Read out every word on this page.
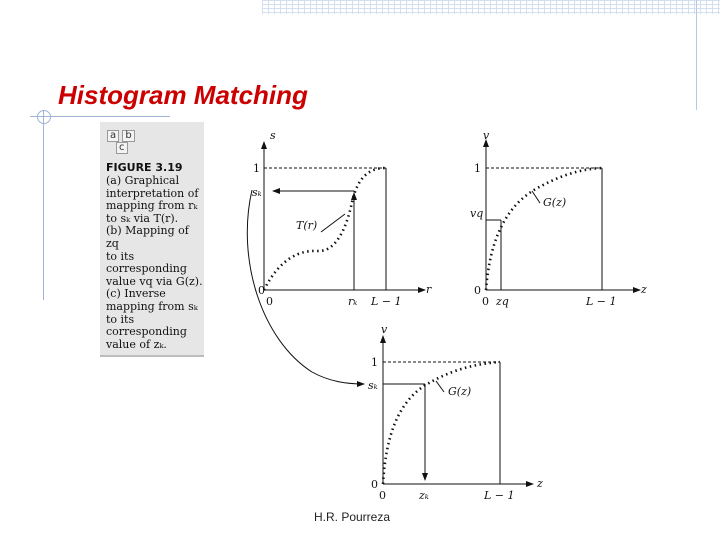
Histogram Matching
a b
c
FIGURE 3.19
(a) Graphical
interpretation of
mapping from rₖ
to sₖ via T(r).
(b) Mapping of zq
to its
corresponding
value vq via G(z).
(c) Inverse
mapping from sₖ
to its
corresponding
value of zₖ.
s
r
1
sₖ
0
0	rₖ L − 1
T(r)
v
z
1
vq
0
0 zq	L − 1
G(z)
v
z
1
sₖ
0
0	zₖ	L − 1
G(z)
H.R. Pourreza
